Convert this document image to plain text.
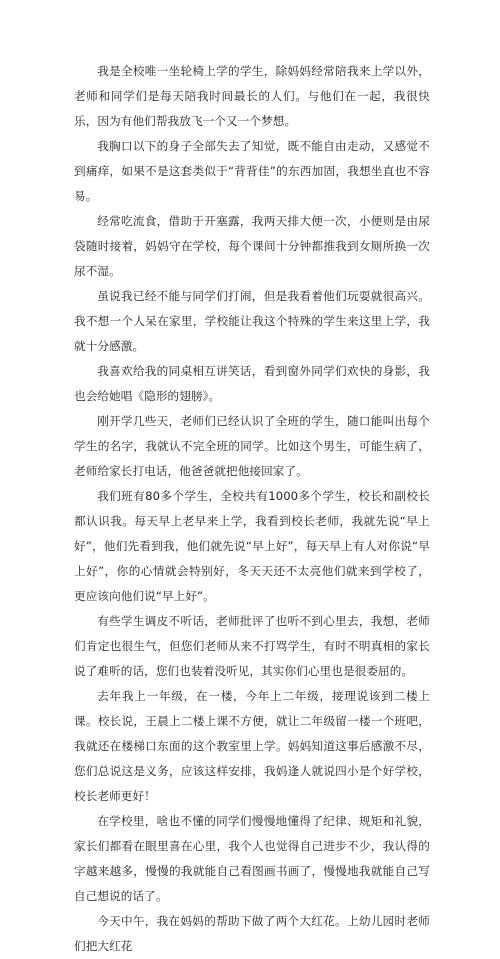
我是全校唯一坐轮椅上学的学生，除妈妈经常陪我来上学以外，老师和同学们是每天陪我时间最长的人们。与他们在一起，我很快乐，因为有他们帮我放飞一个又一个梦想。

我胸口以下的身子全部失去了知觉，既不能自由走动，又感觉不到痛痒，如果不是这套类似于“背背佳”的东西加固，我想坐直也不容易。

经常吃流食，借助于开塞露，我两天排大便一次，小便则是由尿袋随时接着，妈妈守在学校，每个课间十分钟都推我到女厕所换一次尿不湿。

虽说我已经不能与同学们打闹，但是我看着他们玩耍就很高兴。我不想一个人呆在家里，学校能让我这个特殊的学生来这里上学，我就十分感激。

我喜欢给我的同桌相互讲笑话，看到窗外同学们欢快的身影，我也会给她唱《隐形的翅膀》。

刚开学几些天，老师们已经认识了全班的学生，随口能叫出每个学生的名字，我就认不完全班的同学。比如这个男生，可能生病了，老师给家长打电话，他爸爸就把他接回家了。

我们班有80多个学生，全校共有1000多个学生，校长和副校长都认识我。每天早上老早来上学，我看到校长老师，我就先说“早上好”，他们先看到我，他们就先说“早上好”，每天早上有人对你说“早上好”，你的心情就会特别好，冬天天还不太亮他们就来到学校了，更应该向他们说“早上好”。

有些学生调皮不听话，老师批评了也听不到心里去，我想，老师们肯定也很生气，但您们老师从来不打骂学生，有时不明真相的家长说了难听的话，您们也装着没听见，其实你们心里也是很委屈的。

去年我上一年级，在一楼，今年上二年级，接理说该到二楼上课。校长说，王晨上二楼上课不方便，就让二年级留一楼一个班吧，我就还在楼梯口东面的这个教室里上学。妈妈知道这事后感激不尽，您们总说这是义务，应该这样安排，我妈逢人就说四小是个好学校，校长老师更好！

在学校里，啥也不懂的同学们慢慢地懂得了纪律、规矩和礼貌，家长们都看在眼里喜在心里，我个人也觉得自己进步不少，我认得的字越来越多，慢慢的我就能自己看图画书画了，慢慢地我就能自己写自己想说的话了。

今天中午，我在妈妈的帮助下做了两个大红花。上幼儿园时老师们把大红花
